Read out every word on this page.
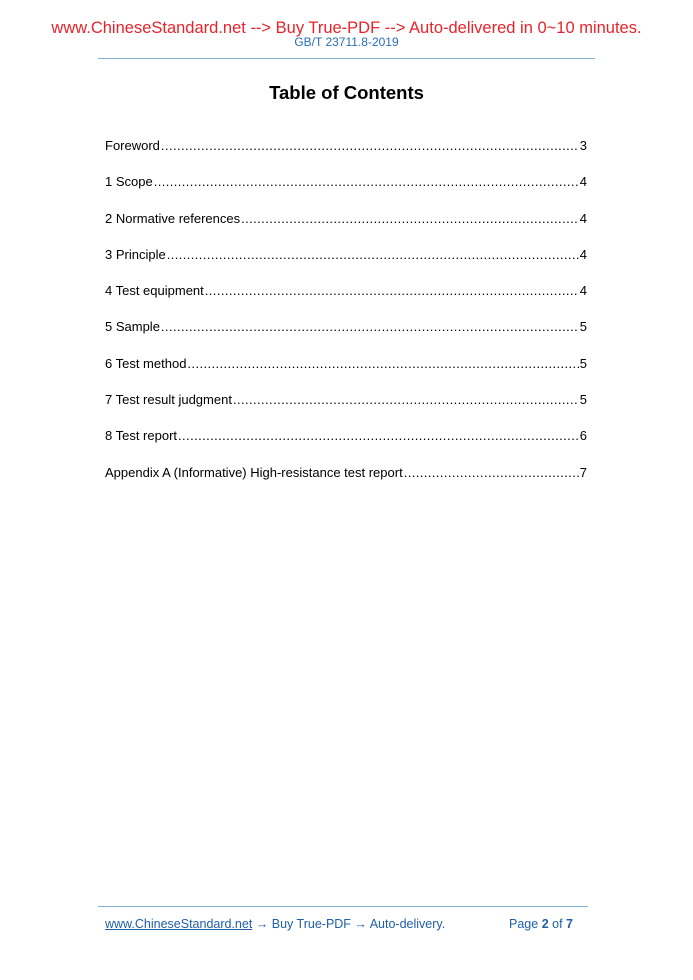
www.ChineseStandard.net --> Buy True-PDF --> Auto-delivered in 0~10 minutes.
GB/T 23711.8-2019
Table of Contents
Foreword .....	3
1 Scope .....	4
2 Normative references .....	4
3 Principle .....	4
4 Test equipment .....	4
5 Sample .....	5
6 Test method .....	5
7 Test result judgment .....	5
8 Test report .....	6
Appendix A (Informative) High-resistance test report .....	7
www.ChineseStandard.net → Buy True-PDF → Auto-delivery.	Page 2 of 7
